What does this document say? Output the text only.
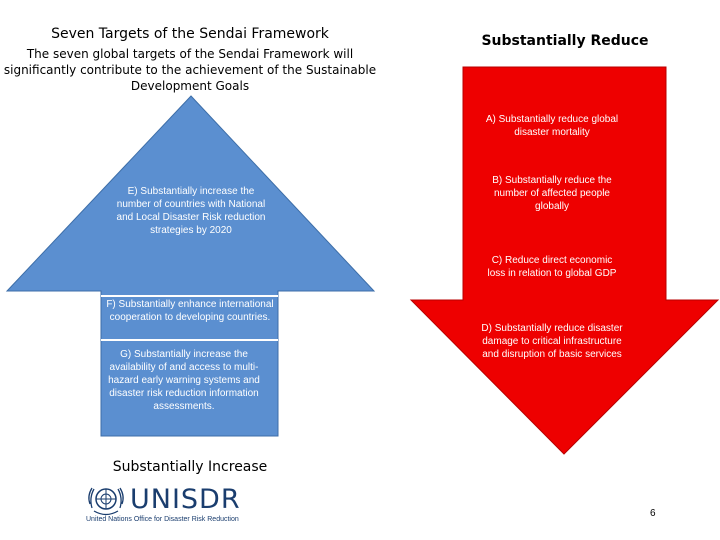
Seven Targets of the Sendai Framework
The seven global targets of the Sendai Framework will significantly contribute to the achievement of the Sustainable Development Goals
Substantially Reduce
A) Substantially reduce global disaster mortality
B) Substantially reduce the number of affected people globally
C) Reduce direct economic loss in relation to global GDP
D) Substantially reduce disaster damage to critical infrastructure and disruption of basic services
E) Substantially increase the number of countries with National and Local Disaster Risk reduction strategies by 2020
F) Substantially enhance international cooperation to developing countries.
G) Substantially increase the availability of and access to multi-hazard early warning systems and disaster risk reduction information assessments.
Substantially Increase
UNISDR
United Nations Office for Disaster Risk Reduction
6
